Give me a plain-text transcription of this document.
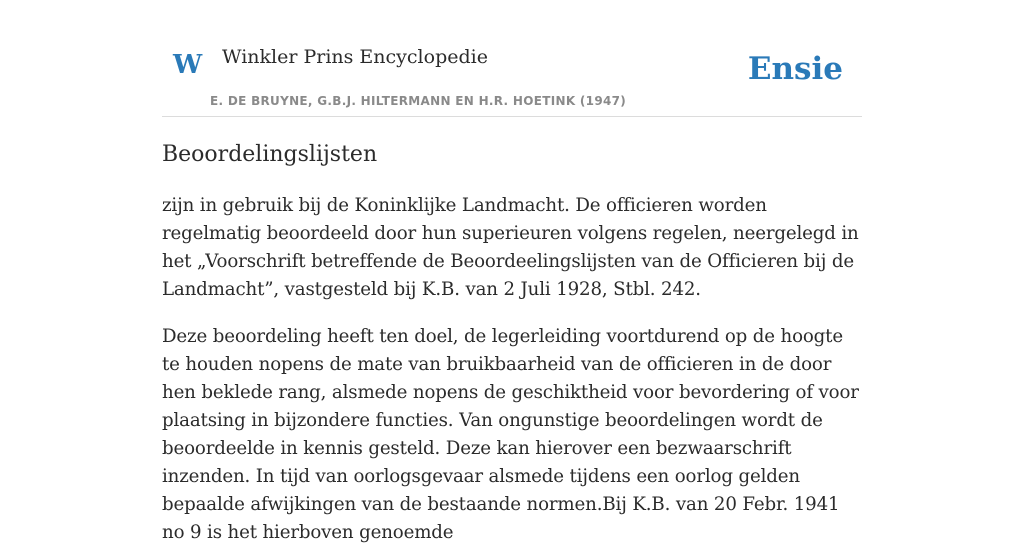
W Winkler Prins Encyclopedie
E. DE BRUYNE, G.B.J. HILTERMANN EN H.R. HOETINK (1947)
Ensie
Beoordelingslijsten

zijn in gebruik bij de Koninklijke Landmacht. De officieren worden regelmatig beoordeeld door hun superieuren volgens regelen, neergelegd in het „Voorschrift betreffende de Beoordeelingslijsten van de Officieren bij de Landmacht”, vastgesteld bij K.B. van 2 Juli 1928, Stbl. 242.

Deze beoordeling heeft ten doel, de legerleiding voortdurend op de hoogte te houden nopens de mate van bruikbaarheid van de officieren in de door hen beklede rang, alsmede nopens de geschiktheid voor bevordering of voor plaatsing in bijzondere functies. Van ongunstige beoordelingen wordt de beoordeelde in kennis gesteld. Deze kan hierover een bezwaarschrift inzenden. In tijd van oorlogsgevaar alsmede tijdens een oorlog gelden bepaalde afwijkingen van de bestaande normen.Bij K.B. van 20 Febr. 1941 no 9 is het hierboven genoemde
